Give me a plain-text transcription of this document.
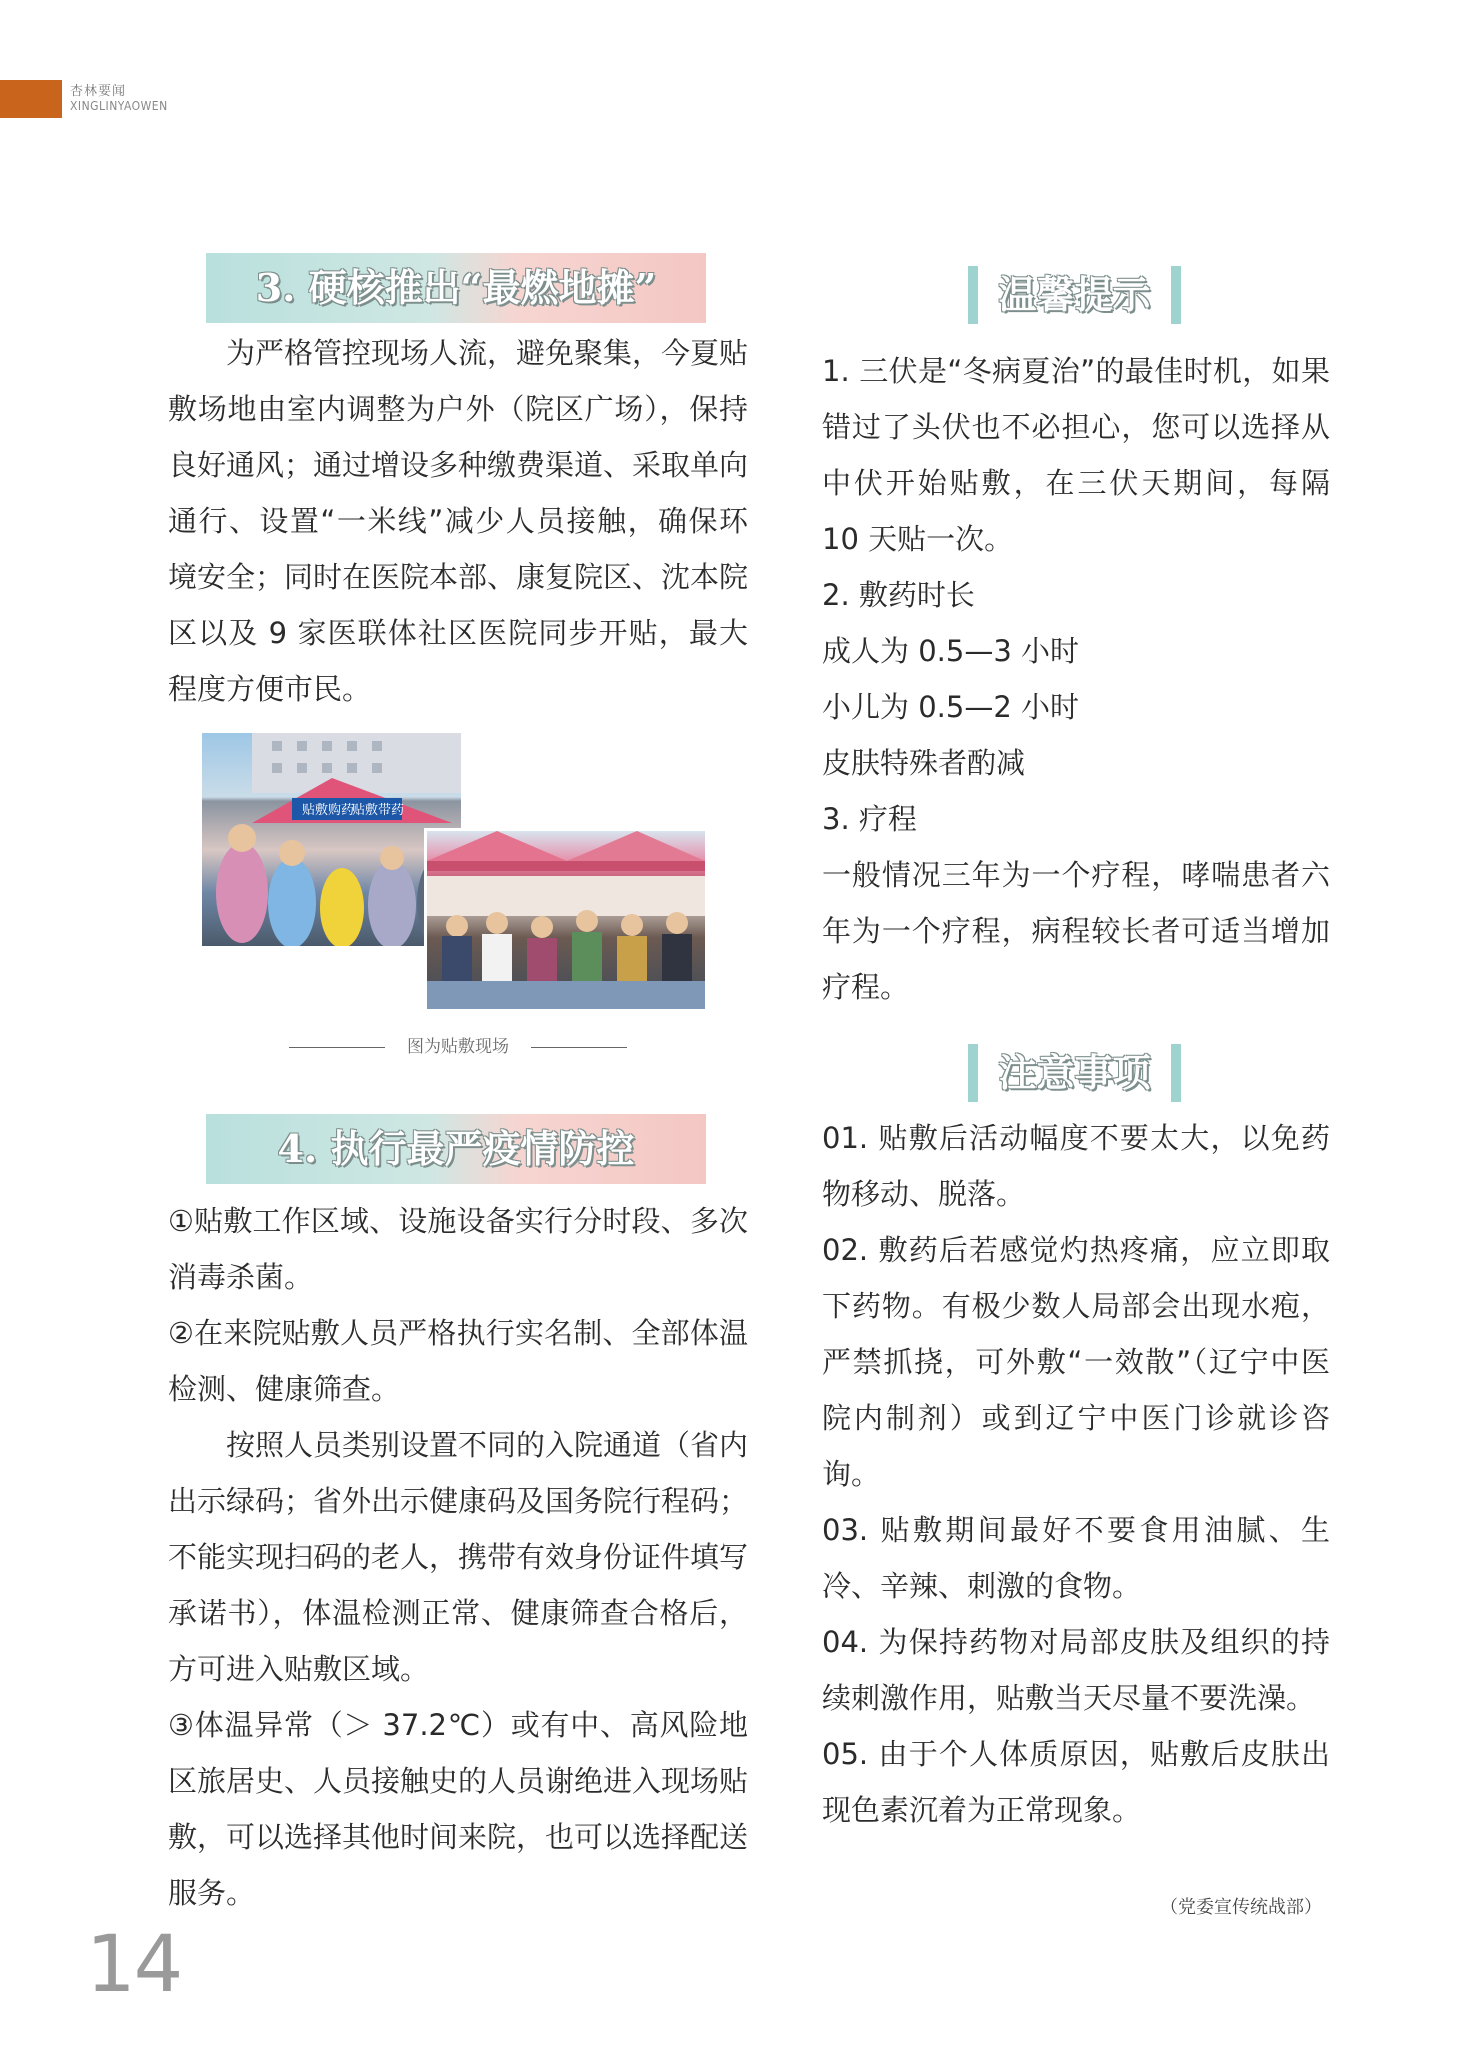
杏林要闻
XINGLINYAOWEN
3. 硬核推出“最燃地摊”

为严格管控现场人流，避免聚集，今夏贴敷场地由室内调整为户外（院区广场），保持良好通风；通过增设多种缴费渠道、采取单向通行、设置“一米线”减少人员接触，确保环境安全；同时在医院本部、康复院区、沈本院区以及 9 家医联体社区医院同步开贴，最大程度方便市民。

贴敷购药
贴敷带药
图为贴敷现场
4. 执行最严疫情防控

①贴敷工作区域、设施设备实行分时段、多次消毒杀菌。

②在来院贴敷人员严格执行实名制、全部体温检测、健康筛查。

按照人员类别设置不同的入院通道（省内出示绿码；省外出示健康码及国务院行程码；不能实现扫码的老人，携带有效身份证件填写承诺书），体温检测正常、健康筛查合格后，方可进入贴敷区域。

③体温异常（＞ 37.2℃）或有中、高风险地区旅居史、人员接触史的人员谢绝进入现场贴敷，可以选择其他时间来院，也可以选择配送服务。

温馨提示

1. 三伏是“冬病夏治”的最佳时机，如果错过了头伏也不必担心，您可以选择从中伏开始贴敷，在三伏天期间，每隔 10 天贴一次。

2. 敷药时长

成人为 0.5—3 小时

小儿为 0.5—2 小时

皮肤特殊者酌减

3. 疗程

一般情况三年为一个疗程，哮喘患者六年为一个疗程，病程较长者可适当增加疗程。

注意事项

01. 贴敷后活动幅度不要太大，以免药物移动、脱落。

02. 敷药后若感觉灼热疼痛，应立即取下药物。有极少数人局部会出现水疱，严禁抓挠，可外敷“一效散”（辽宁中医院内制剂）或到辽宁中医门诊就诊咨询。

03. 贴敷期间最好不要食用油腻、生冷、辛辣、刺激的食物。

04. 为保持药物对局部皮肤及组织的持续刺激作用，贴敷当天尽量不要洗澡。

05. 由于个人体质原因，贴敷后皮肤出现色素沉着为正常现象。

（党委宣传统战部）
14
